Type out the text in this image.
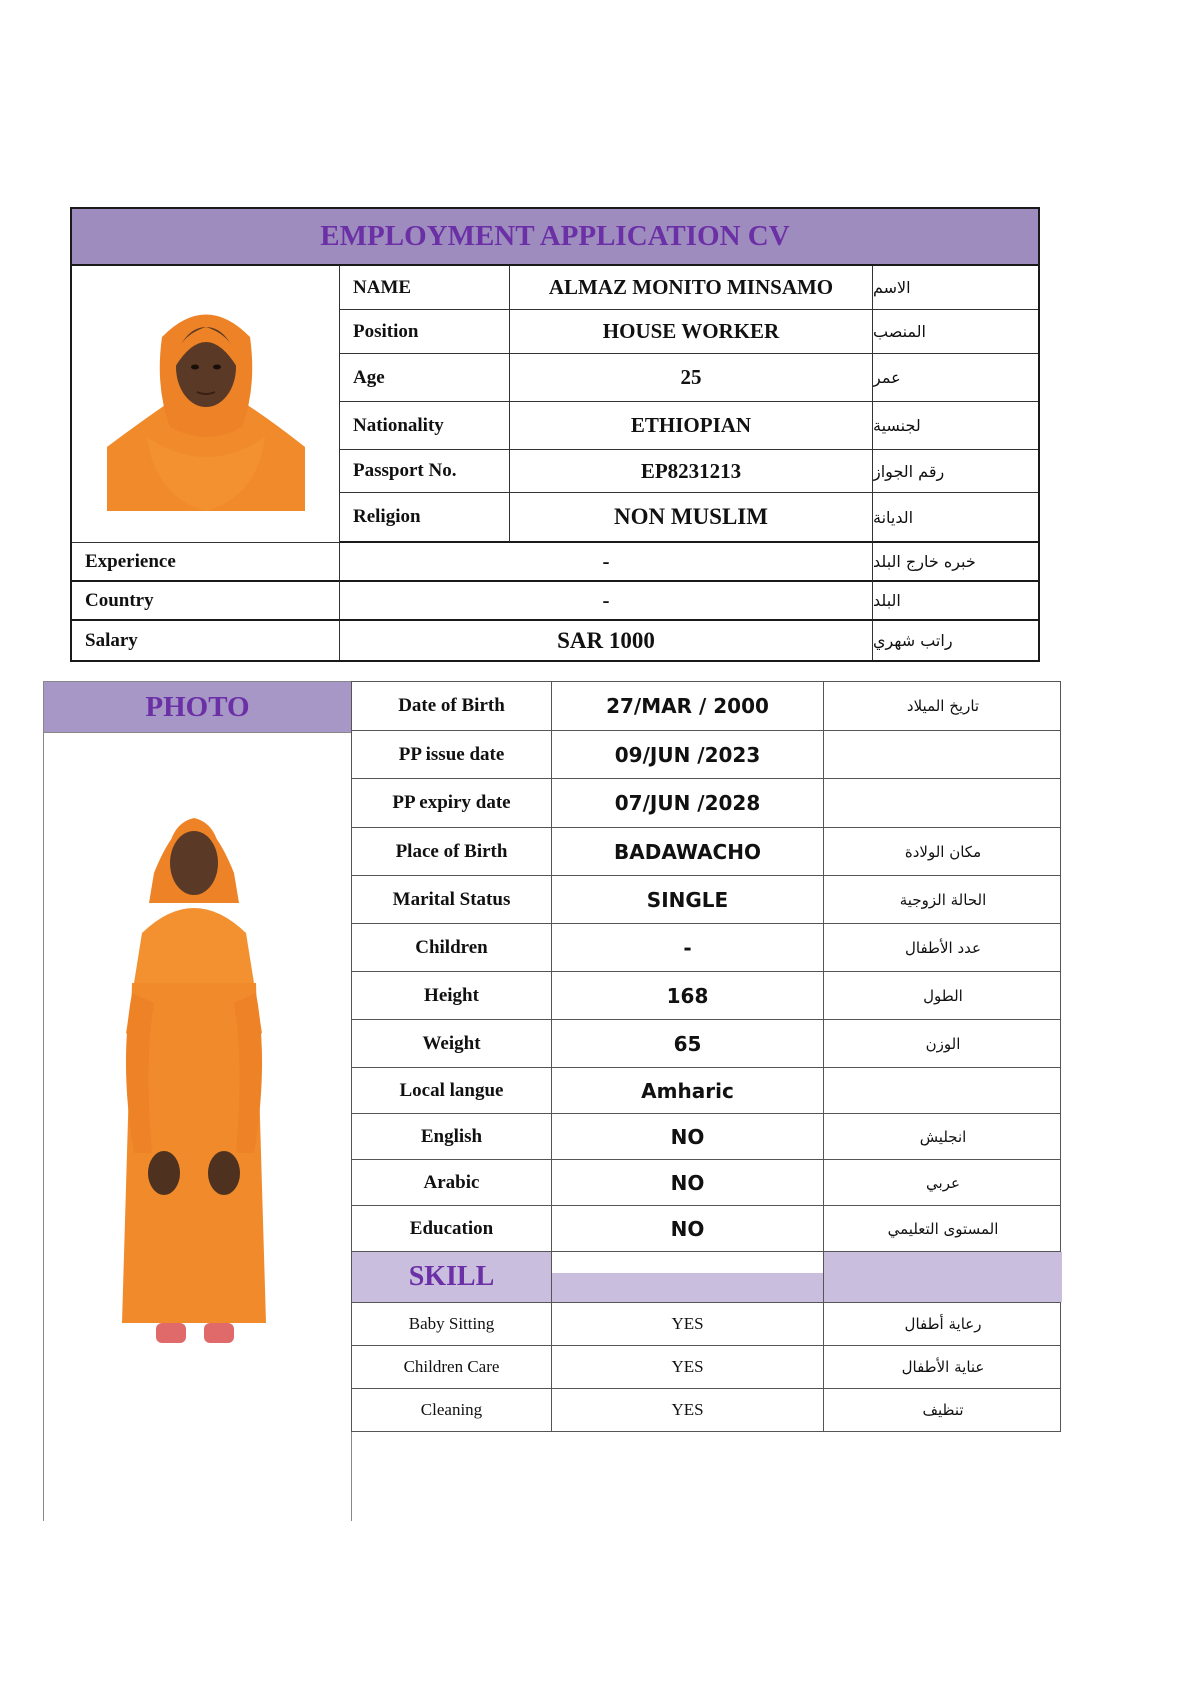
EMPLOYMENT APPLICATION CV
NAME	ALMAZ MONITO MINSAMO	الاسم
Position	HOUSE WORKER	المنصب
Age	25	عمر
Nationality	ETHIOPIAN	لجنسية
Passport No.	EP8231213	رقم الجواز
Religion	NON MUSLIM	الديانة
Experience	-	خبره خارج البلد
Country	-	البلد
Salary	SAR 1000	راتب شهري
PHOTO	Date of Birth	27/MAR / 2000	تاريخ الميلاد
PP issue date	09/JUN /2023
PP expiry date	07/JUN /2028
Place of Birth	BADAWACHO	مكان الولادة
Marital Status	SINGLE	الحالة الزوجية
Children	-	عدد الأطفال
Height	168	الطول
Weight	65	الوزن
Local langue	Amharic
English	NO	انجليش
Arabic	NO	عربي
Education	NO	المستوى التعليمي
SKILL
Baby Sitting	YES	رعاية أطفال
Children Care	YES	عناية الأطفال
Cleaning	YES	تنظيف
